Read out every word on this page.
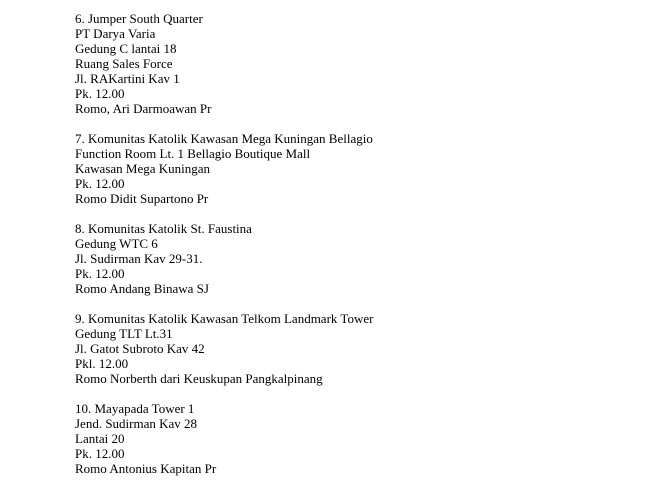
6. Jumper South Quarter
PT Darya Varia
Gedung C lantai 18
Ruang Sales Force
Jl. RAKartini Kav 1
Pk. 12.00
Romo, Ari Darmoawan Pr
7. Komunitas Katolik Kawasan Mega Kuningan Bellagio
Function Room Lt. 1 Bellagio Boutique Mall
Kawasan Mega Kuningan
Pk. 12.00
Romo Didit Supartono Pr
8. Komunitas Katolik St. Faustina
Gedung WTC 6
Jl. Sudirman Kav 29-31.
Pk. 12.00
Romo Andang Binawa SJ
9. Komunitas Katolik Kawasan Telkom Landmark Tower
Gedung TLT Lt.31
Jl. Gatot Subroto Kav 42
Pkl. 12.00
Romo Norberth dari Keuskupan Pangkalpinang
10. Mayapada Tower 1
Jend. Sudirman Kav 28
Lantai 20
Pk. 12.00
Romo Antonius Kapitan Pr
